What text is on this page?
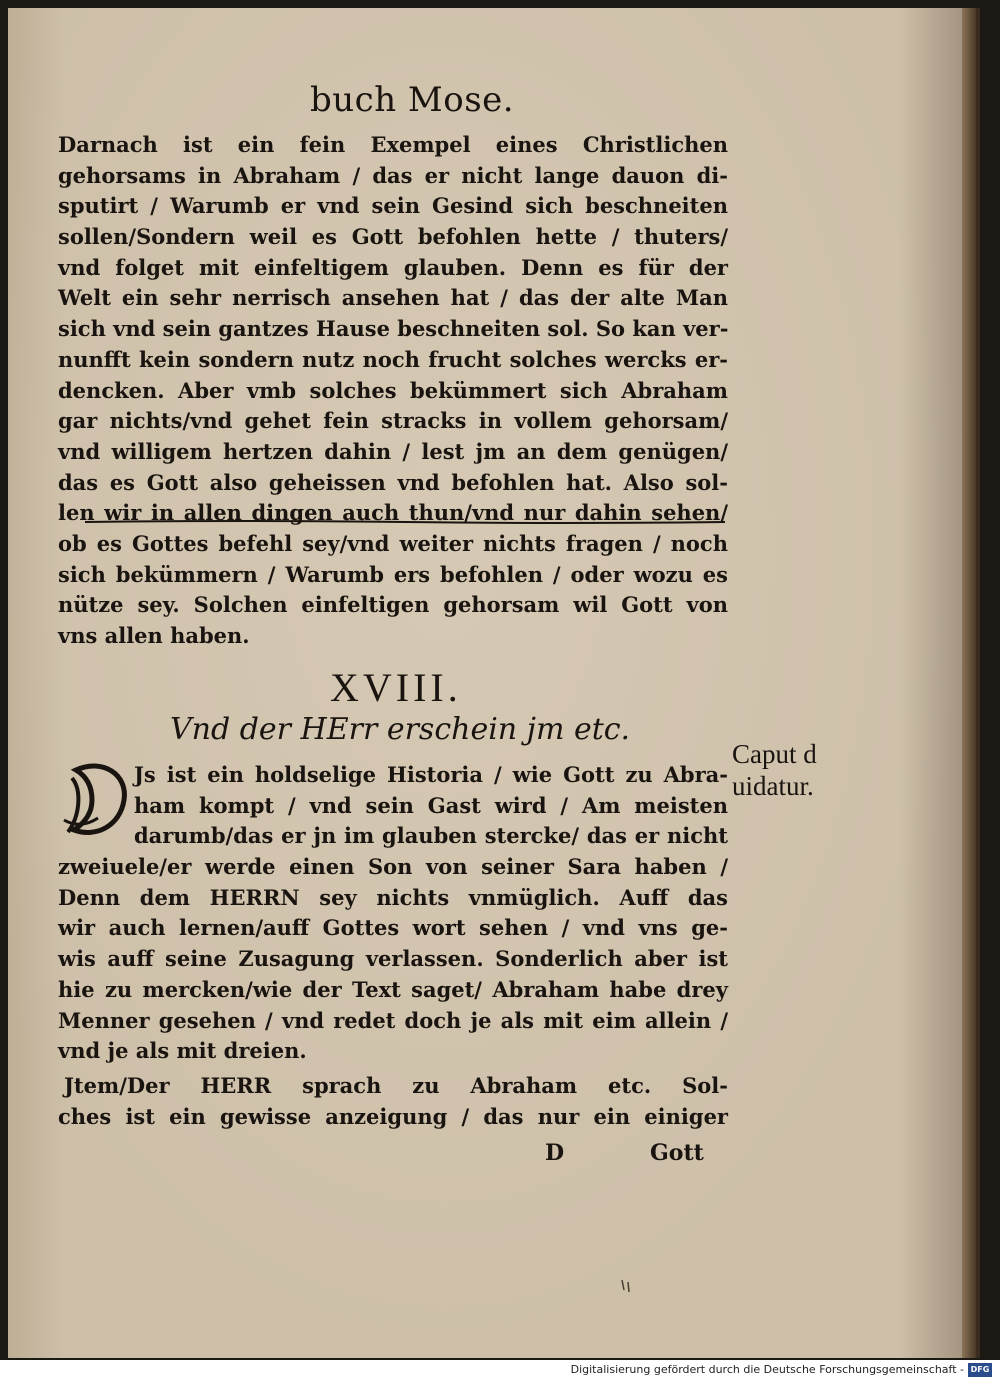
buch Mose.
Darnach ist ein fein Exempel eines Christlichen
gehorsams in Abraham / das er nicht lange dauon di-
sputirt / Warumb er vnd sein Gesind sich beschneiten
sollen/Sondern weil es Gott befohlen hette / thuters/
vnd folget mit einfeltigem glauben. Denn es für der
Welt ein sehr nerrisch ansehen hat / das der alte Man
sich vnd sein gantzes Hause beschneiten sol. So kan ver-
nunfft kein sondern nutz noch frucht solches wercks er-
dencken. Aber vmb solches bekümmert sich Abraham
gar nichts/vnd gehet fein stracks in vollem gehorsam/
vnd willigem hertzen dahin / lest jm an dem genügen/
das es Gott also geheissen vnd befohlen hat. Also sol-
len wir in allen dingen auch thun/vnd nur dahin sehen/
ob es Gottes befehl sey/vnd weiter nichts fragen / noch
sich bekümmern / Warumb ers befohlen / oder wozu es
nütze sey. Solchen einfeltigen gehorsam wil Gott von
vns allen haben.
XVIII.
Vnd der HErr erschein jm etc.
Js ist ein holdselige Historia / wie Gott zu Abra-
ham kompt / vnd sein Gast wird / Am meisten
darumb/das er jn im glauben stercke/ das er nicht
zweiuele/er werde einen Son von seiner Sara haben /
Denn dem HERRN sey nichts vnmüglich. Auff das
wir auch lernen/auff Gottes wort sehen / vnd vns ge-
wis auff seine Zusagung verlassen. Sonderlich aber ist
hie zu mercken/wie der Text saget/ Abraham habe drey
Menner gesehen / vnd redet doch je als mit eim allein /
vnd je als mit dreien.
Jtem/Der HERR sprach zu Abraham etc. Sol-
ches ist ein gewisse anzeigung / das nur ein einiger
D	Gott
Caput d
uidatur.
Digitalisierung gefördert durch die Deutsche Forschungsgemeinschaft - DFG
